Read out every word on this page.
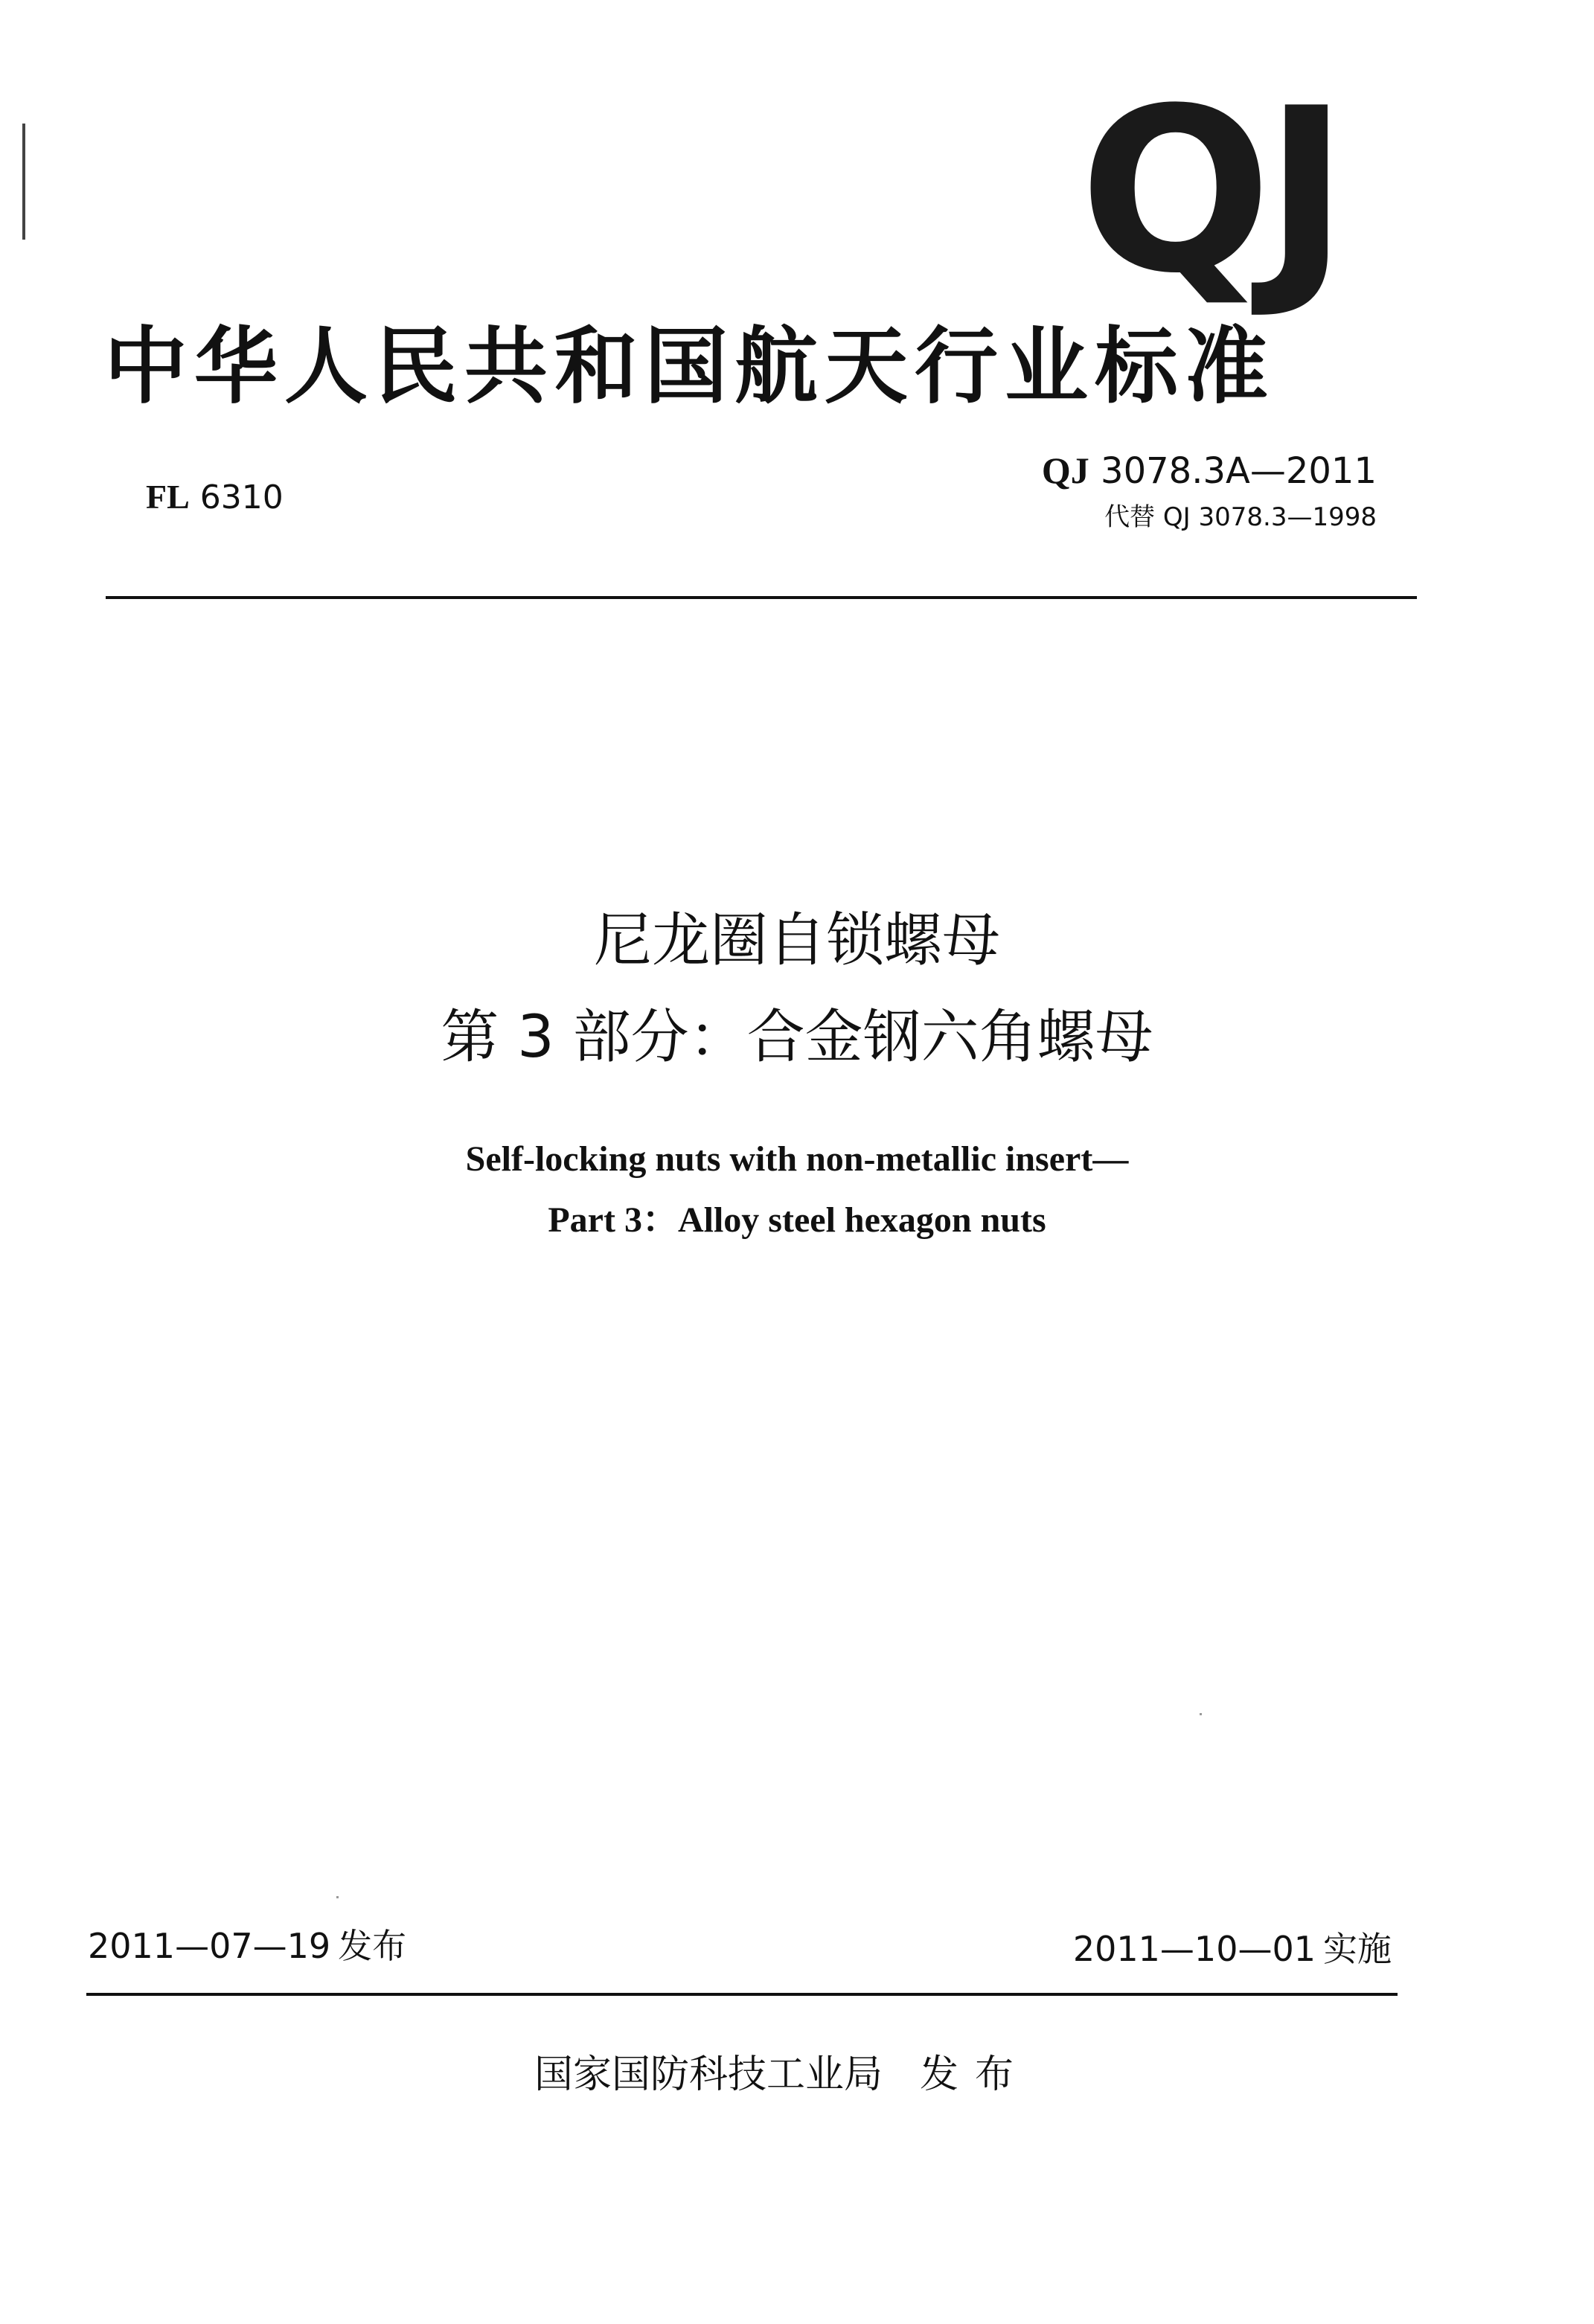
QJ
中华人民共和国航天行业标准
FL 6310
QJ 3078.3A—2011
代替 QJ 3078.3—1998
尼龙圈自锁螺母
第 3 部分：合金钢六角螺母
Self-locking nuts with non-metallic insert—
Part 3：Alloy steel hexagon nuts
2011—07—19 发布	2011—10—01 实施
国家国防科技工业局 发布
